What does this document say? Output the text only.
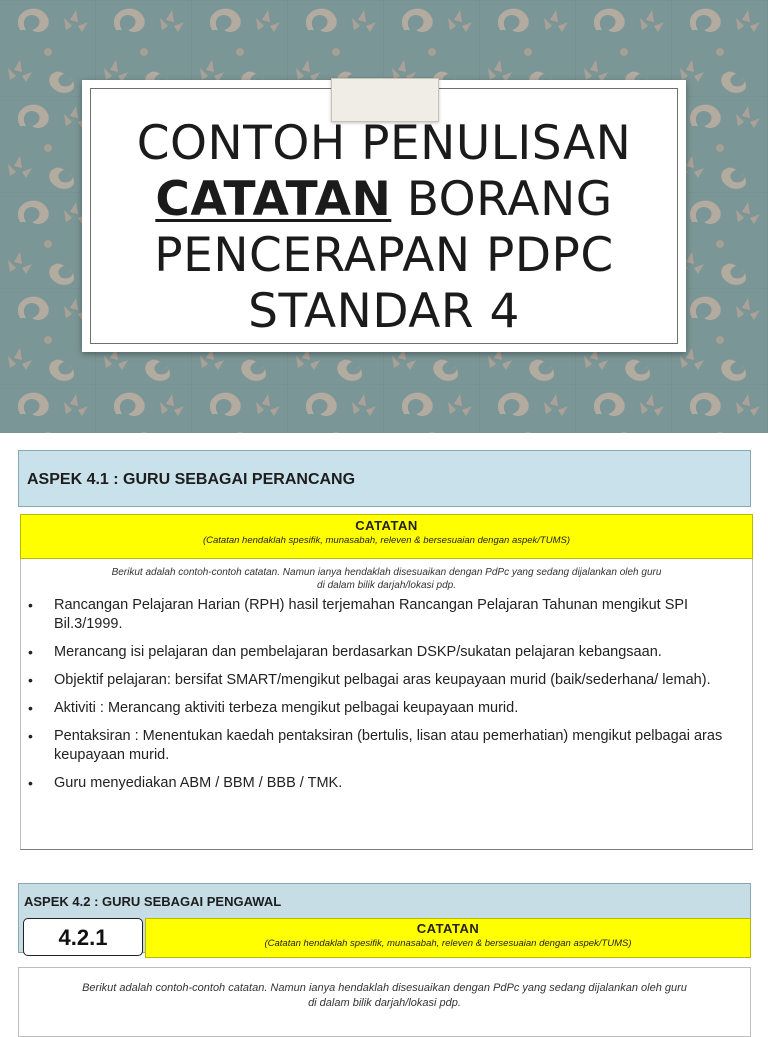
CONTOH PENULISAN
CATATAN BORANG
PENCERAPAN PDPC
STANDAR 4
ASPEK 4.1 : GURU SEBAGAI PERANCANG
CATATAN
(Catatan hendaklah spesifik, munasabah, releven & bersesuaian dengan aspek/TUMS)
Berikut adalah contoh-contoh catatan. Namun ianya hendaklah disesuaikan dengan PdPc yang sedang dijalankan oleh guru
di dalam bilik darjah/lokasi pdp.
• Rancangan Pelajaran Harian (RPH) hasil terjemahan Rancangan Pelajaran Tahunan mengikut SPI Bil.3/1999.
• Merancang isi pelajaran dan pembelajaran berdasarkan DSKP/sukatan pelajaran kebangsaan.
• Objektif pelajaran: bersifat SMART/mengikut pelbagai aras keupayaan murid (baik/sederhana/ lemah).
• Aktiviti : Merancang aktiviti terbeza mengikut pelbagai keupayaan murid.
• Pentaksiran : Menentukan kaedah pentaksiran (bertulis, lisan atau pemerhatian) mengikut pelbagai aras keupayaan murid.
• Guru menyediakan ABM / BBM / BBB / TMK.
ASPEK 4.2 : GURU SEBAGAI PENGAWAL
4.2.1	CATATAN
(Catatan hendaklah spesifik, munasabah, releven & bersesuaian dengan aspek/TUMS)
Berikut adalah contoh-contoh catatan. Namun ianya hendaklah disesuaikan dengan PdPc yang sedang dijalankan oleh guru
di dalam bilik darjah/lokasi pdp.
